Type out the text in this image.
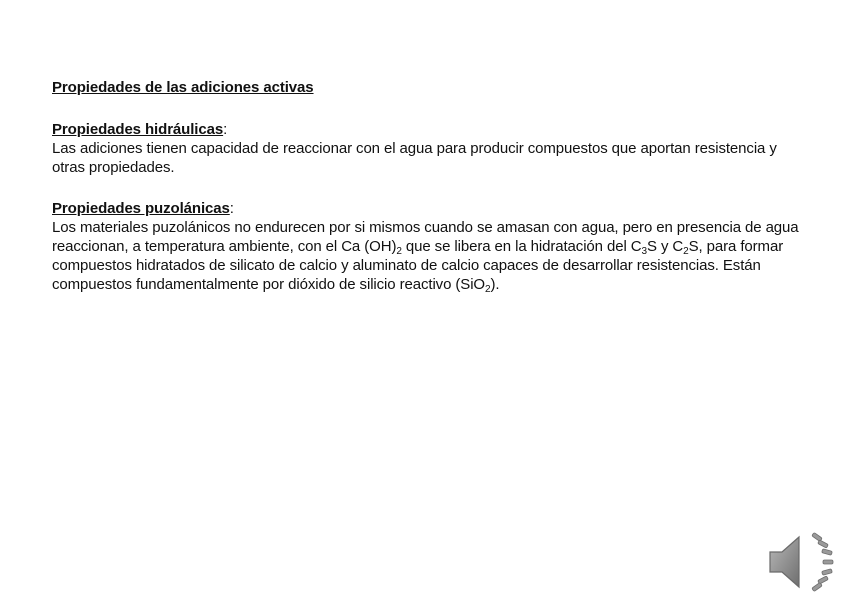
Propiedades de las adiciones activas

Propiedades hidráulicas:

Las adiciones tienen capacidad de reaccionar con el agua para producir compuestos que aportan resistencia y otras propiedades.

Propiedades puzolánicas:

Los materiales puzolánicos no endurecen por si mismos cuando se amasan con agua, pero en presencia de agua reaccionan, a temperatura ambiente, con el Ca $(OH)_2$ que se libera en la hidratación del $C_3S$ y $C_2S$, para formar compuestos hidratados de silicato de calcio y aluminato de calcio capaces de desarrollar resistencias. Están compuestos fundamentalmente por dióxido de silicio reactivo (SiO$_2$).
